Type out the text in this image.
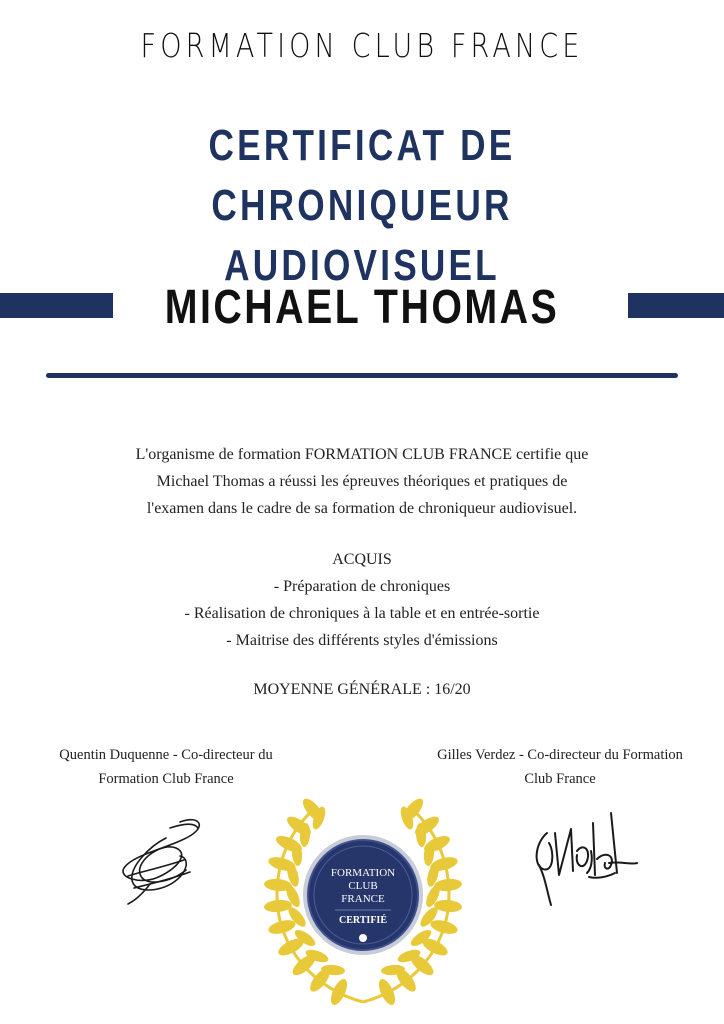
FORMATION CLUB FRANCE
CERTIFICAT DE CHRONIQUEUR
AUDIOVISUEL
MICHAEL THOMAS
L'organisme de formation FORMATION CLUB FRANCE certifie que
Michael Thomas a réussi les épreuves théoriques et pratiques de
l'examen dans le cadre de sa formation de chroniqueur audiovisuel.
ACQUIS
- Préparation de chroniques
- Réalisation de chroniques à la table et en entrée-sortie
- Maitrise des différents styles d'émissions
MOYENNE GÉNÉRALE : 16/20
Quentin Duquenne - Co-directeur du
Formation Club France
Gilles Verdez - Co-directeur du Formation
Club France
FORMATION
CLUB
FRANCE
CERTIFIÉ
